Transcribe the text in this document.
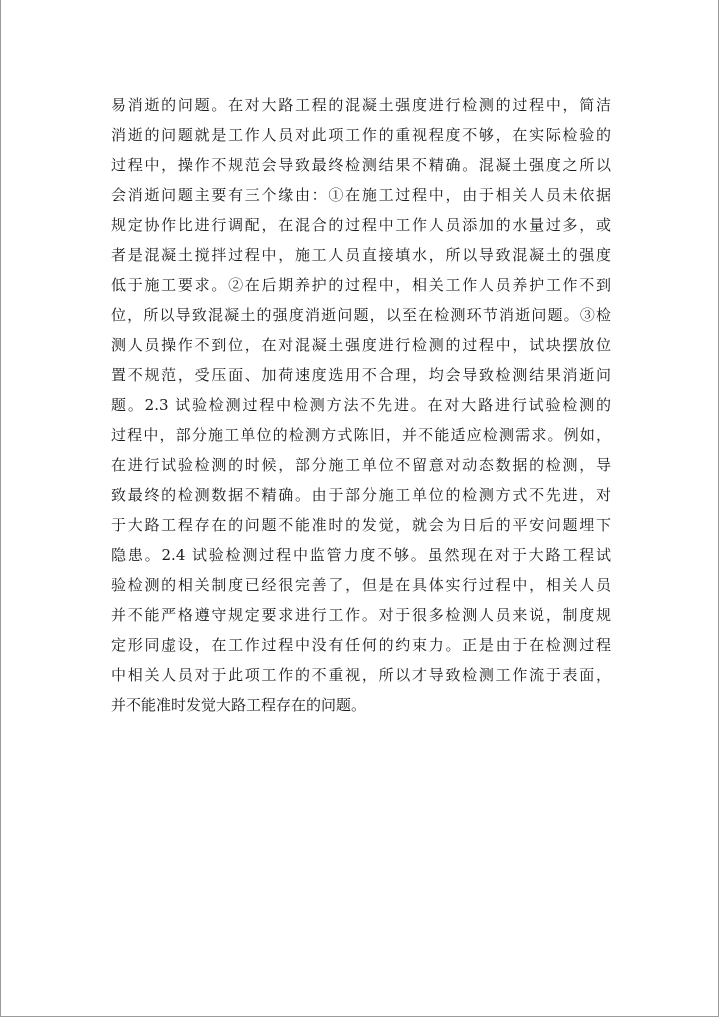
易消逝的问题。在对大路工程的混凝土强度进行检测的过程中，简洁
消逝的问题就是工作人员对此项工作的重视程度不够，在实际检验的
过程中，操作不规范会导致最终检测结果不精确。混凝土强度之所以
会消逝问题主要有三个缘由：①在施工过程中，由于相关人员未依据
规定协作比进行调配，在混合的过程中工作人员添加的水量过多，或
者是混凝土搅拌过程中，施工人员直接填水，所以导致混凝土的强度
低于施工要求。②在后期养护的过程中，相关工作人员养护工作不到
位，所以导致混凝土的强度消逝问题，以至在检测环节消逝问题。③检
测人员操作不到位，在对混凝土强度进行检测的过程中，试块摆放位
置不规范，受压面、加荷速度选用不合理，均会导致检测结果消逝问
题。2.3 试验检测过程中检测方法不先进。在对大路进行试验检测的
过程中，部分施工单位的检测方式陈旧，并不能适应检测需求。例如，
在进行试验检测的时候，部分施工单位不留意对动态数据的检测，导
致最终的检测数据不精确。由于部分施工单位的检测方式不先进，对
于大路工程存在的问题不能准时的发觉，就会为日后的平安问题埋下
隐患。2.4 试验检测过程中监管力度不够。虽然现在对于大路工程试
验检测的相关制度已经很完善了，但是在具体实行过程中，相关人员
并不能严格遵守规定要求进行工作。对于很多检测人员来说，制度规
定形同虚设，在工作过程中没有任何的约束力。正是由于在检测过程
中相关人员对于此项工作的不重视，所以才导致检测工作流于表面，
并不能准时发觉大路工程存在的问题。
